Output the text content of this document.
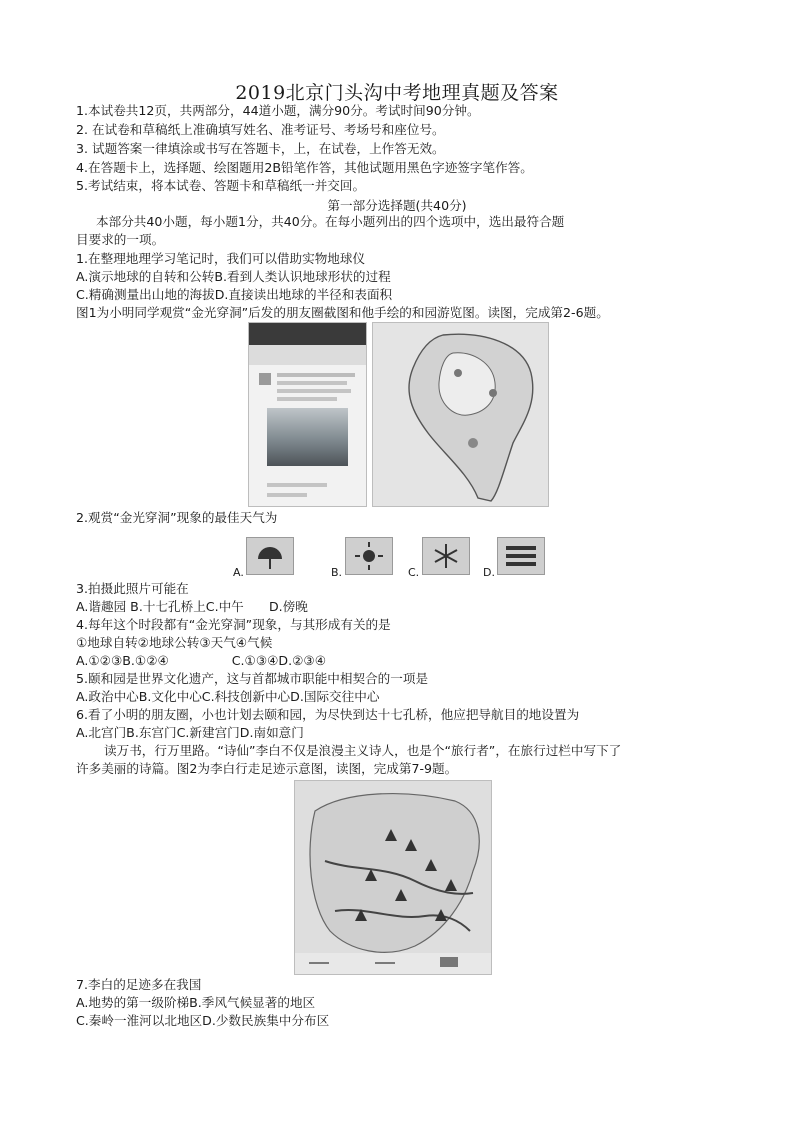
2019北京门头沟中考地理真题及答案
1.本试卷共12页，共两部分，44道小题，满分90分。考试时间90分钟。
2. 在试卷和草稿纸上准确填写姓名、准考证号、考场号和座位号。
3. 试题答案一律填涂或书写在答题卡，上，在试卷，上作答无效。
4.在答题卡上，选择题、绘图题用2B铅笔作答，其他试题用黑色字迹签字笔作答。
5.考试结束，将本试卷、答题卡和草稿纸一并交回。
第一部分选择题(共40分)
本部分共40小题，每小题1分，共40分。在每小题列出的四个选项中，选出最符合题
目要求的一项。
1.在整理地理学习笔记时，我们可以借助实物地球仪
A.演示地球的自转和公转B.看到人类认识地球形状的过程
C.精确测量出山地的海拔D.直接读出地球的半径和表面积
图1为小明同学观赏“金光穿洞”后发的朋友圈截图和他手绘的和园游览图。读图，完成第2-6题。
2.观赏“金光穿洞”现象的最佳天气为
A.	B.	C.	D.
3.拍摄此照片可能在
A.谐趣园 B.十七孔桥上C.中午　　D.傍晚
4.每年这个时段都有“金光穿洞”现象，与其形成有关的是
①地球自转②地球公转③天气④气候
A.①②③B.①②④　　　　　C.①③④D.②③④
5.颐和园是世界文化遗产，这与首都城市职能中相契合的一项是
A.政治中心B.文化中心C.科技创新中心D.国际交往中心
6.看了小明的朋友圈，小也计划去颐和园，为尽快到达十七孔桥，他应把导航目的地设置为
A.北宫门B.东宫门C.新建宫门D.南如意门
读万书，行万里路。“诗仙”李白不仅是浪漫主义诗人，也是个“旅行者”，在旅行过栏中写下了
许多美丽的诗篇。图2为李白行走足迹示意图，读图，完成第7-9题。
7.李白的足迹多在我国
A.地势的第一级阶梯B.季风气候显著的地区
C.秦岭一淮河以北地区D.少数民族集中分布区
